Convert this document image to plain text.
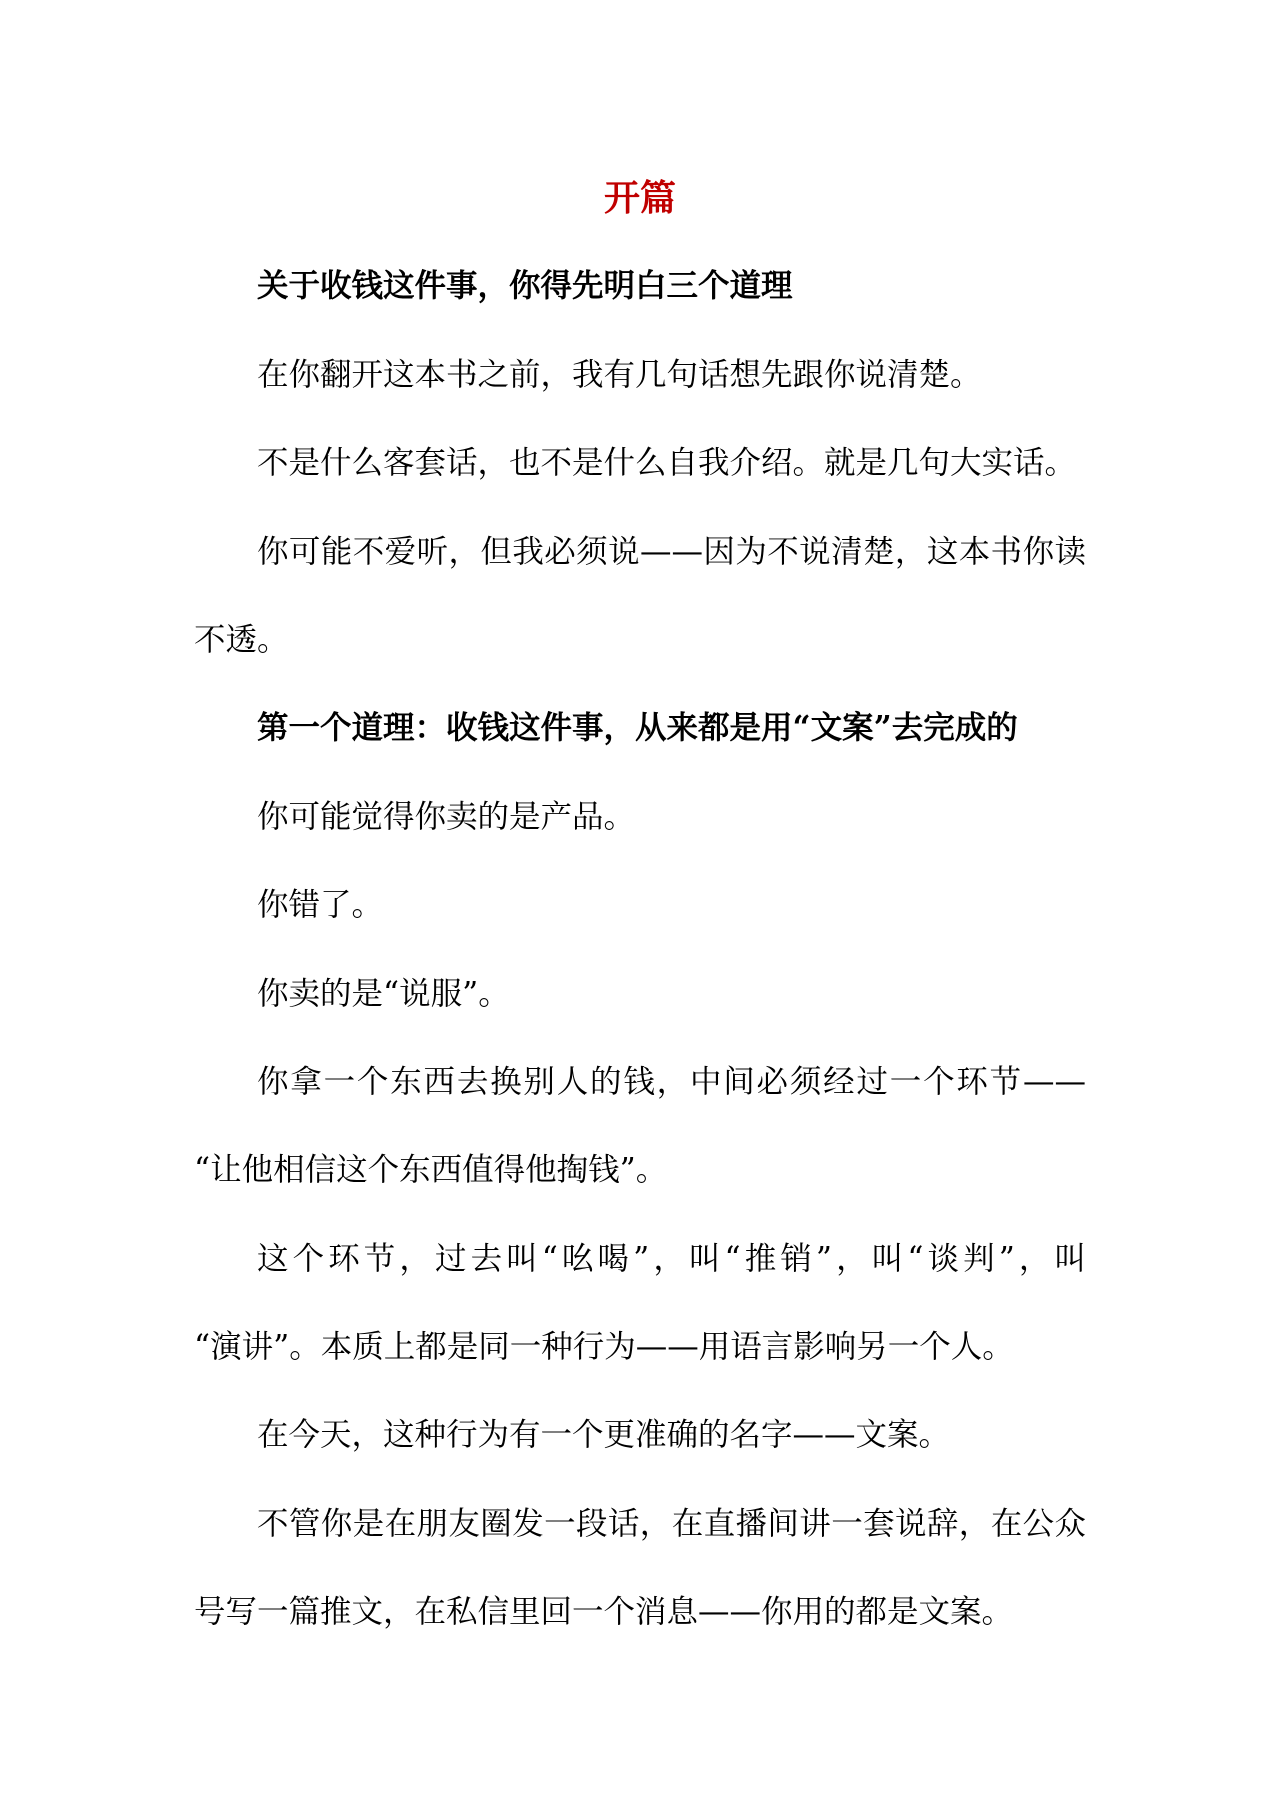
开篇
关于收钱这件事，你得先明白三个道理
在你翻开这本书之前，我有几句话想先跟你说清楚。
不是什么客套话，也不是什么自我介绍。就是几句大实话。
你可能不爱听，但我必须说——因为不说清楚，这本书你读
不透。
第一个道理：收钱这件事，从来都是用“文案”去完成的
你可能觉得你卖的是产品。
你错了。
你卖的是“说服”。
你拿一个东西去换别人的钱，中间必须经过一个环节——
“让他相信这个东西值得他掏钱”。
这个环节，过去叫“吆喝”，叫“推销”，叫“谈判”，叫
“演讲”。本质上都是同一种行为——用语言影响另一个人。
在今天，这种行为有一个更准确的名字——文案。
不管你是在朋友圈发一段话，在直播间讲一套说辞，在公众
号写一篇推文，在私信里回一个消息——你用的都是文案。
